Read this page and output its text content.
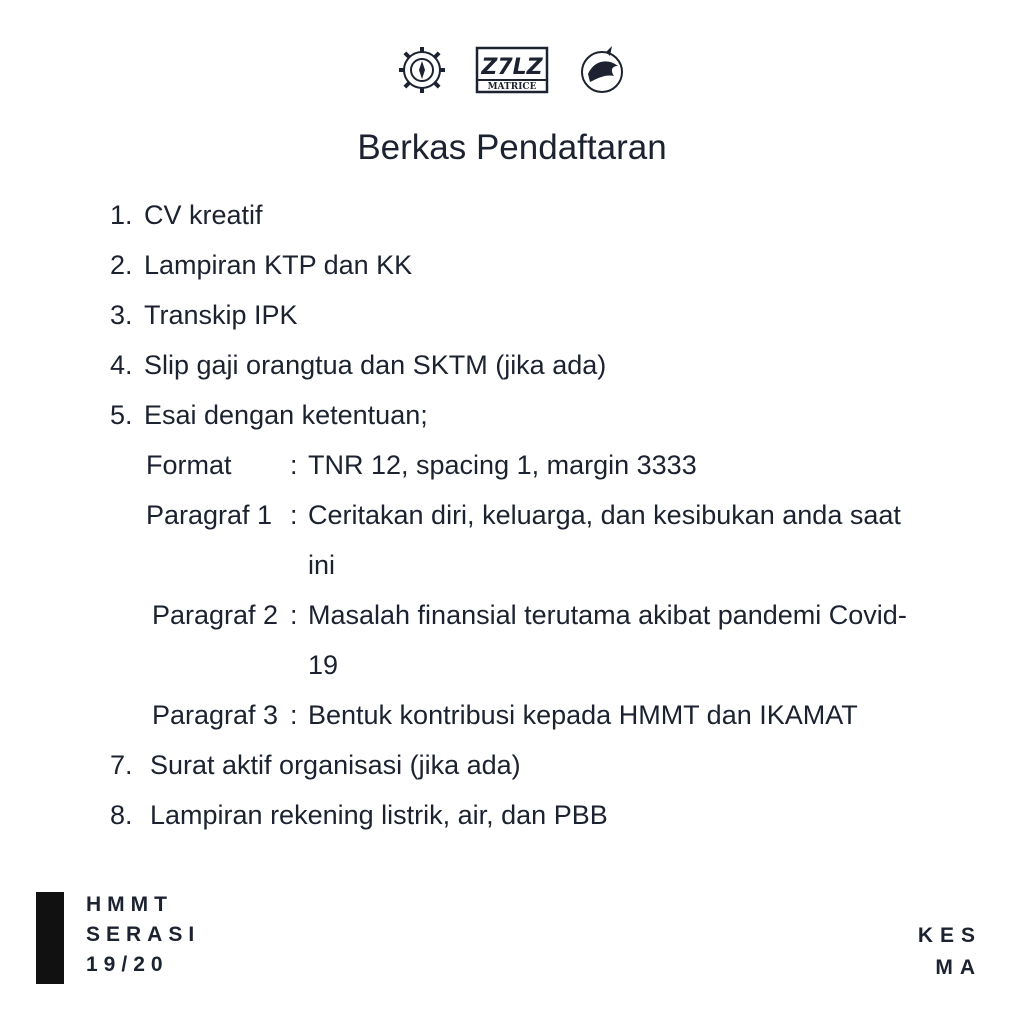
Z7LZ
MATRICE
Berkas Pendaftaran
1. CV kreatif
2. Lampiran KTP dan KK
3. Transkip IPK
4. Slip gaji orangtua dan SKTM (jika ada)
5. Esai dengan ketentuan;
Format	: TNR 12, spacing 1, margin 3333
Paragraf 1 : Ceritakan diri, keluarga, dan kesibukan anda saat ini
Paragraf 2 : Masalah finansial terutama akibat pandemi Covid-19
Paragraf 3 : Bentuk kontribusi kepada HMMT dan IKAMAT
7. Surat aktif organisasi (jika ada)
8. Lampiran rekening listrik, air, dan PBB
HMMT
SERASI
19/20
KES
MA
